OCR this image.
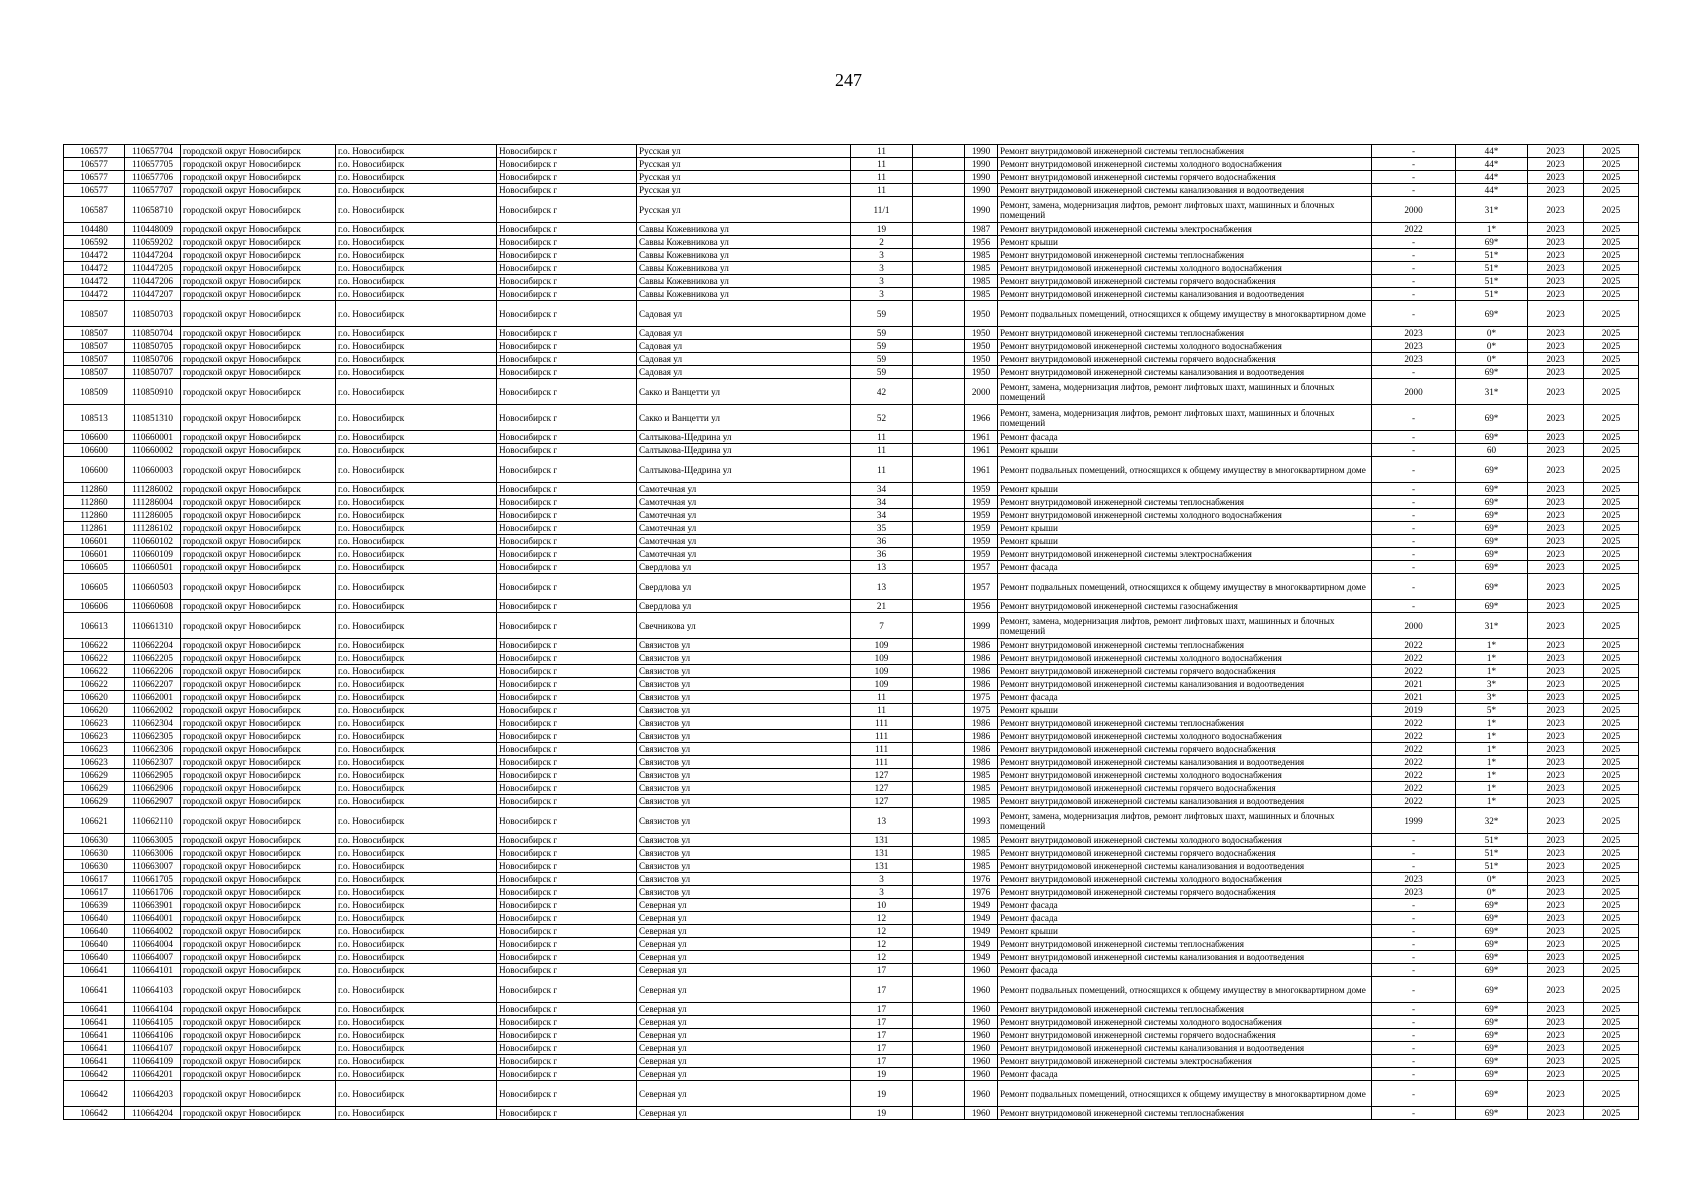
247
106577	110657704	городской округ Новосибирск	г.о. Новосибирск	Новосибирск г	Русская ул	11		1990	Ремонт внутридомовой инженерной системы теплоснабжения	-	44*	2023	2025
106577	110657705	городской округ Новосибирск	г.о. Новосибирск	Новосибирск г	Русская ул	11		1990	Ремонт внутридомовой инженерной системы холодного водоснабжения	-	44*	2023	2025
106577	110657706	городской округ Новосибирск	г.о. Новосибирск	Новосибирск г	Русская ул	11		1990	Ремонт внутридомовой инженерной системы горячего водоснабжения	-	44*	2023	2025
106577	110657707	городской округ Новосибирск	г.о. Новосибирск	Новосибирск г	Русская ул	11		1990	Ремонт внутридомовой инженерной системы канализования и водоотведения	-	44*	2023	2025
106587	110658710	городской округ Новосибирск	г.о. Новосибирск	Новосибирск г	Русская ул	11/1		1990	Ремонт, замена, модернизация лифтов, ремонт лифтовых шахт, машинных и блочных помещений	2000	31*	2023	2025
104480	110448009	городской округ Новосибирск	г.о. Новосибирск	Новосибирск г	Саввы Кожевникова ул	19		1987	Ремонт внутридомовой инженерной системы электроснабжения	2022	1*	2023	2025
106592	110659202	городской округ Новосибирск	г.о. Новосибирск	Новосибирск г	Саввы Кожевникова ул	2		1956	Ремонт крыши	-	69*	2023	2025
104472	110447204	городской округ Новосибирск	г.о. Новосибирск	Новосибирск г	Саввы Кожевникова ул	3		1985	Ремонт внутридомовой инженерной системы теплоснабжения	-	51*	2023	2025
104472	110447205	городской округ Новосибирск	г.о. Новосибирск	Новосибирск г	Саввы Кожевникова ул	3		1985	Ремонт внутридомовой инженерной системы холодного водоснабжения	-	51*	2023	2025
104472	110447206	городской округ Новосибирск	г.о. Новосибирск	Новосибирск г	Саввы Кожевникова ул	3		1985	Ремонт внутридомовой инженерной системы горячего водоснабжения	-	51*	2023	2025
104472	110447207	городской округ Новосибирск	г.о. Новосибирск	Новосибирск г	Саввы Кожевникова ул	3		1985	Ремонт внутридомовой инженерной системы канализования и водоотведения	-	51*	2023	2025
108507	110850703	городской округ Новосибирск	г.о. Новосибирск	Новосибирск г	Садовая ул	59		1950	Ремонт подвальных помещений, относящихся к общему имуществу в многоквартирном доме	-	69*	2023	2025
108507	110850704	городской округ Новосибирск	г.о. Новосибирск	Новосибирск г	Садовая ул	59		1950	Ремонт внутридомовой инженерной системы теплоснабжения	2023	0*	2023	2025
108507	110850705	городской округ Новосибирск	г.о. Новосибирск	Новосибирск г	Садовая ул	59		1950	Ремонт внутридомовой инженерной системы холодного водоснабжения	2023	0*	2023	2025
108507	110850706	городской округ Новосибирск	г.о. Новосибирск	Новосибирск г	Садовая ул	59		1950	Ремонт внутридомовой инженерной системы горячего водоснабжения	2023	0*	2023	2025
108507	110850707	городской округ Новосибирск	г.о. Новосибирск	Новосибирск г	Садовая ул	59		1950	Ремонт внутридомовой инженерной системы канализования и водоотведения	-	69*	2023	2025
108509	110850910	городской округ Новосибирск	г.о. Новосибирск	Новосибирск г	Сакко и Ванцетти ул	42		2000	Ремонт, замена, модернизация лифтов, ремонт лифтовых шахт, машинных и блочных помещений	2000	31*	2023	2025
108513	110851310	городской округ Новосибирск	г.о. Новосибирск	Новосибирск г	Сакко и Ванцетти ул	52		1966	Ремонт, замена, модернизация лифтов, ремонт лифтовых шахт, машинных и блочных помещений	-	69*	2023	2025
106600	110660001	городской округ Новосибирск	г.о. Новосибирск	Новосибирск г	Салтыкова-Щедрина ул	11		1961	Ремонт фасада	-	69*	2023	2025
106600	110660002	городской округ Новосибирск	г.о. Новосибирск	Новосибирск г	Салтыкова-Щедрина ул	11		1961	Ремонт крыши	-	60	2023	2025
106600	110660003	городской округ Новосибирск	г.о. Новосибирск	Новосибирск г	Салтыкова-Щедрина ул	11		1961	Ремонт подвальных помещений, относящихся к общему имуществу в многоквартирном доме	-	69*	2023	2025
112860	111286002	городской округ Новосибирск	г.о. Новосибирск	Новосибирск г	Самотечная ул	34		1959	Ремонт крыши	-	69*	2023	2025
112860	111286004	городской округ Новосибирск	г.о. Новосибирск	Новосибирск г	Самотечная ул	34		1959	Ремонт внутридомовой инженерной системы теплоснабжения	-	69*	2023	2025
112860	111286005	городской округ Новосибирск	г.о. Новосибирск	Новосибирск г	Самотечная ул	34		1959	Ремонт внутридомовой инженерной системы холодного водоснабжения	-	69*	2023	2025
112861	111286102	городской округ Новосибирск	г.о. Новосибирск	Новосибирск г	Самотечная ул	35		1959	Ремонт крыши	-	69*	2023	2025
106601	110660102	городской округ Новосибирск	г.о. Новосибирск	Новосибирск г	Самотечная ул	36		1959	Ремонт крыши	-	69*	2023	2025
106601	110660109	городской округ Новосибирск	г.о. Новосибирск	Новосибирск г	Самотечная ул	36		1959	Ремонт внутридомовой инженерной системы электроснабжения	-	69*	2023	2025
106605	110660501	городской округ Новосибирск	г.о. Новосибирск	Новосибирск г	Свердлова ул	13		1957	Ремонт фасада	-	69*	2023	2025
106605	110660503	городской округ Новосибирск	г.о. Новосибирск	Новосибирск г	Свердлова ул	13		1957	Ремонт подвальных помещений, относящихся к общему имуществу в многоквартирном доме	-	69*	2023	2025
106606	110660608	городской округ Новосибирск	г.о. Новосибирск	Новосибирск г	Свердлова ул	21		1956	Ремонт внутридомовой инженерной системы газоснабжения	-	69*	2023	2025
106613	110661310	городской округ Новосибирск	г.о. Новосибирск	Новосибирск г	Свечникова ул	7		1999	Ремонт, замена, модернизация лифтов, ремонт лифтовых шахт, машинных и блочных помещений	2000	31*	2023	2025
106622	110662204	городской округ Новосибирск	г.о. Новосибирск	Новосибирск г	Связистов ул	109		1986	Ремонт внутридомовой инженерной системы теплоснабжения	2022	1*	2023	2025
106622	110662205	городской округ Новосибирск	г.о. Новосибирск	Новосибирск г	Связистов ул	109		1986	Ремонт внутридомовой инженерной системы холодного водоснабжения	2022	1*	2023	2025
106622	110662206	городской округ Новосибирск	г.о. Новосибирск	Новосибирск г	Связистов ул	109		1986	Ремонт внутридомовой инженерной системы горячего водоснабжения	2022	1*	2023	2025
106622	110662207	городской округ Новосибирск	г.о. Новосибирск	Новосибирск г	Связистов ул	109		1986	Ремонт внутридомовой инженерной системы канализования и водоотведения	2021	3*	2023	2025
106620	110662001	городской округ Новосибирск	г.о. Новосибирск	Новосибирск г	Связистов ул	11		1975	Ремонт фасада	2021	3*	2023	2025
106620	110662002	городской округ Новосибирск	г.о. Новосибирск	Новосибирск г	Связистов ул	11		1975	Ремонт крыши	2019	5*	2023	2025
106623	110662304	городской округ Новосибирск	г.о. Новосибирск	Новосибирск г	Связистов ул	111		1986	Ремонт внутридомовой инженерной системы теплоснабжения	2022	1*	2023	2025
106623	110662305	городской округ Новосибирск	г.о. Новосибирск	Новосибирск г	Связистов ул	111		1986	Ремонт внутридомовой инженерной системы холодного водоснабжения	2022	1*	2023	2025
106623	110662306	городской округ Новосибирск	г.о. Новосибирск	Новосибирск г	Связистов ул	111		1986	Ремонт внутридомовой инженерной системы горячего водоснабжения	2022	1*	2023	2025
106623	110662307	городской округ Новосибирск	г.о. Новосибирск	Новосибирск г	Связистов ул	111		1986	Ремонт внутридомовой инженерной системы канализования и водоотведения	2022	1*	2023	2025
106629	110662905	городской округ Новосибирск	г.о. Новосибирск	Новосибирск г	Связистов ул	127		1985	Ремонт внутридомовой инженерной системы холодного водоснабжения	2022	1*	2023	2025
106629	110662906	городской округ Новосибирск	г.о. Новосибирск	Новосибирск г	Связистов ул	127		1985	Ремонт внутридомовой инженерной системы горячего водоснабжения	2022	1*	2023	2025
106629	110662907	городской округ Новосибирск	г.о. Новосибирск	Новосибирск г	Связистов ул	127		1985	Ремонт внутридомовой инженерной системы канализования и водоотведения	2022	1*	2023	2025
106621	110662110	городской округ Новосибирск	г.о. Новосибирск	Новосибирск г	Связистов ул	13		1993	Ремонт, замена, модернизация лифтов, ремонт лифтовых шахт, машинных и блочных помещений	1999	32*	2023	2025
106630	110663005	городской округ Новосибирск	г.о. Новосибирск	Новосибирск г	Связистов ул	131		1985	Ремонт внутридомовой инженерной системы холодного водоснабжения	-	51*	2023	2025
106630	110663006	городской округ Новосибирск	г.о. Новосибирск	Новосибирск г	Связистов ул	131		1985	Ремонт внутридомовой инженерной системы горячего водоснабжения	-	51*	2023	2025
106630	110663007	городской округ Новосибирск	г.о. Новосибирск	Новосибирск г	Связистов ул	131		1985	Ремонт внутридомовой инженерной системы канализования и водоотведения	-	51*	2023	2025
106617	110661705	городской округ Новосибирск	г.о. Новосибирск	Новосибирск г	Связистов ул	3		1976	Ремонт внутридомовой инженерной системы холодного водоснабжения	2023	0*	2023	2025
106617	110661706	городской округ Новосибирск	г.о. Новосибирск	Новосибирск г	Связистов ул	3		1976	Ремонт внутридомовой инженерной системы горячего водоснабжения	2023	0*	2023	2025
106639	110663901	городской округ Новосибирск	г.о. Новосибирск	Новосибирск г	Северная ул	10		1949	Ремонт фасада	-	69*	2023	2025
106640	110664001	городской округ Новосибирск	г.о. Новосибирск	Новосибирск г	Северная ул	12		1949	Ремонт фасада	-	69*	2023	2025
106640	110664002	городской округ Новосибирск	г.о. Новосибирск	Новосибирск г	Северная ул	12		1949	Ремонт крыши	-	69*	2023	2025
106640	110664004	городской округ Новосибирск	г.о. Новосибирск	Новосибирск г	Северная ул	12		1949	Ремонт внутридомовой инженерной системы теплоснабжения	-	69*	2023	2025
106640	110664007	городской округ Новосибирск	г.о. Новосибирск	Новосибирск г	Северная ул	12		1949	Ремонт внутридомовой инженерной системы канализования и водоотведения	-	69*	2023	2025
106641	110664101	городской округ Новосибирск	г.о. Новосибирск	Новосибирск г	Северная ул	17		1960	Ремонт фасада	-	69*	2023	2025
106641	110664103	городской округ Новосибирск	г.о. Новосибирск	Новосибирск г	Северная ул	17		1960	Ремонт подвальных помещений, относящихся к общему имуществу в многоквартирном доме	-	69*	2023	2025
106641	110664104	городской округ Новосибирск	г.о. Новосибирск	Новосибирск г	Северная ул	17		1960	Ремонт внутридомовой инженерной системы теплоснабжения	-	69*	2023	2025
106641	110664105	городской округ Новосибирск	г.о. Новосибирск	Новосибирск г	Северная ул	17		1960	Ремонт внутридомовой инженерной системы холодного водоснабжения	-	69*	2023	2025
106641	110664106	городской округ Новосибирск	г.о. Новосибирск	Новосибирск г	Северная ул	17		1960	Ремонт внутридомовой инженерной системы горячего водоснабжения	-	69*	2023	2025
106641	110664107	городской округ Новосибирск	г.о. Новосибирск	Новосибирск г	Северная ул	17		1960	Ремонт внутридомовой инженерной системы канализования и водоотведения	-	69*	2023	2025
106641	110664109	городской округ Новосибирск	г.о. Новосибирск	Новосибирск г	Северная ул	17		1960	Ремонт внутридомовой инженерной системы электроснабжения	-	69*	2023	2025
106642	110664201	городской округ Новосибирск	г.о. Новосибирск	Новосибирск г	Северная ул	19		1960	Ремонт фасада	-	69*	2023	2025
106642	110664203	городской округ Новосибирск	г.о. Новосибирск	Новосибирск г	Северная ул	19		1960	Ремонт подвальных помещений, относящихся к общему имуществу в многоквартирном доме	-	69*	2023	2025
106642	110664204	городской округ Новосибирск	г.о. Новосибирск	Новосибирск г	Северная ул	19		1960	Ремонт внутридомовой инженерной системы теплоснабжения	-	69*	2023	2025
